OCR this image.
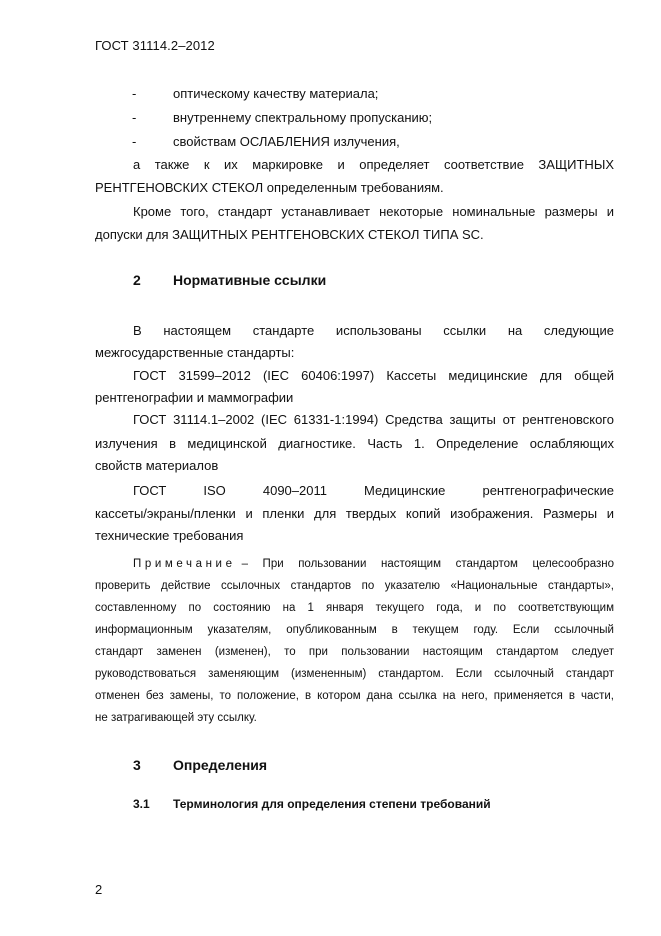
ГОСТ 31114.2–2012
-	оптическому качеству материала;
-	внутреннему спектральному пропусканию;
-	свойствам ОСЛАБЛЕНИЯ излучения,
а также к их маркировке и определяет соответствие ЗАЩИТНЫХ
РЕНТГЕНОВСКИХ СТЕКОЛ определенным требованиям.
Кроме того, стандарт устанавливает некоторые номинальные размеры и
допуски для ЗАЩИТНЫХ РЕНТГЕНОВСКИХ СТЕКОЛ ТИПА SC.
2 Нормативные ссылки
В настоящем стандарте использованы ссылки на следующие
межгосударственные стандарты:
ГОСТ 31599–2012 (IEC 60406:1997) Кассеты медицинские для общей
рентгенографии и маммографии
ГОСТ 31114.1–2002 (IEC 61331-1:1994) Средства защиты от рентгеновского
излучения в медицинской диагностике. Часть 1. Определение ослабляющих
свойств материалов
ГОСТ ISO 4090–2011 Медицинские рентгенографические
кассеты/экраны/пленки и пленки для твердых копий изображения. Размеры и
технические требования
Примечание – При пользовании настоящим стандартом целесообразно
проверить действие ссылочных стандартов по указателю «Национальные стандарты»,
составленному по состоянию на 1 января текущего года, и по соответствующим
информационным указателям, опубликованным в текущем году. Если ссылочный
стандарт заменен (изменен), то при пользовании настоящим стандартом следует
руководствоваться заменяющим (измененным) стандартом. Если ссылочный стандарт
отменен без замены, то положение, в котором дана ссылка на него, применяется в части,
не затрагивающей эту ссылку.
3 Определения
3.1 Терминология для определения степени требований
2
